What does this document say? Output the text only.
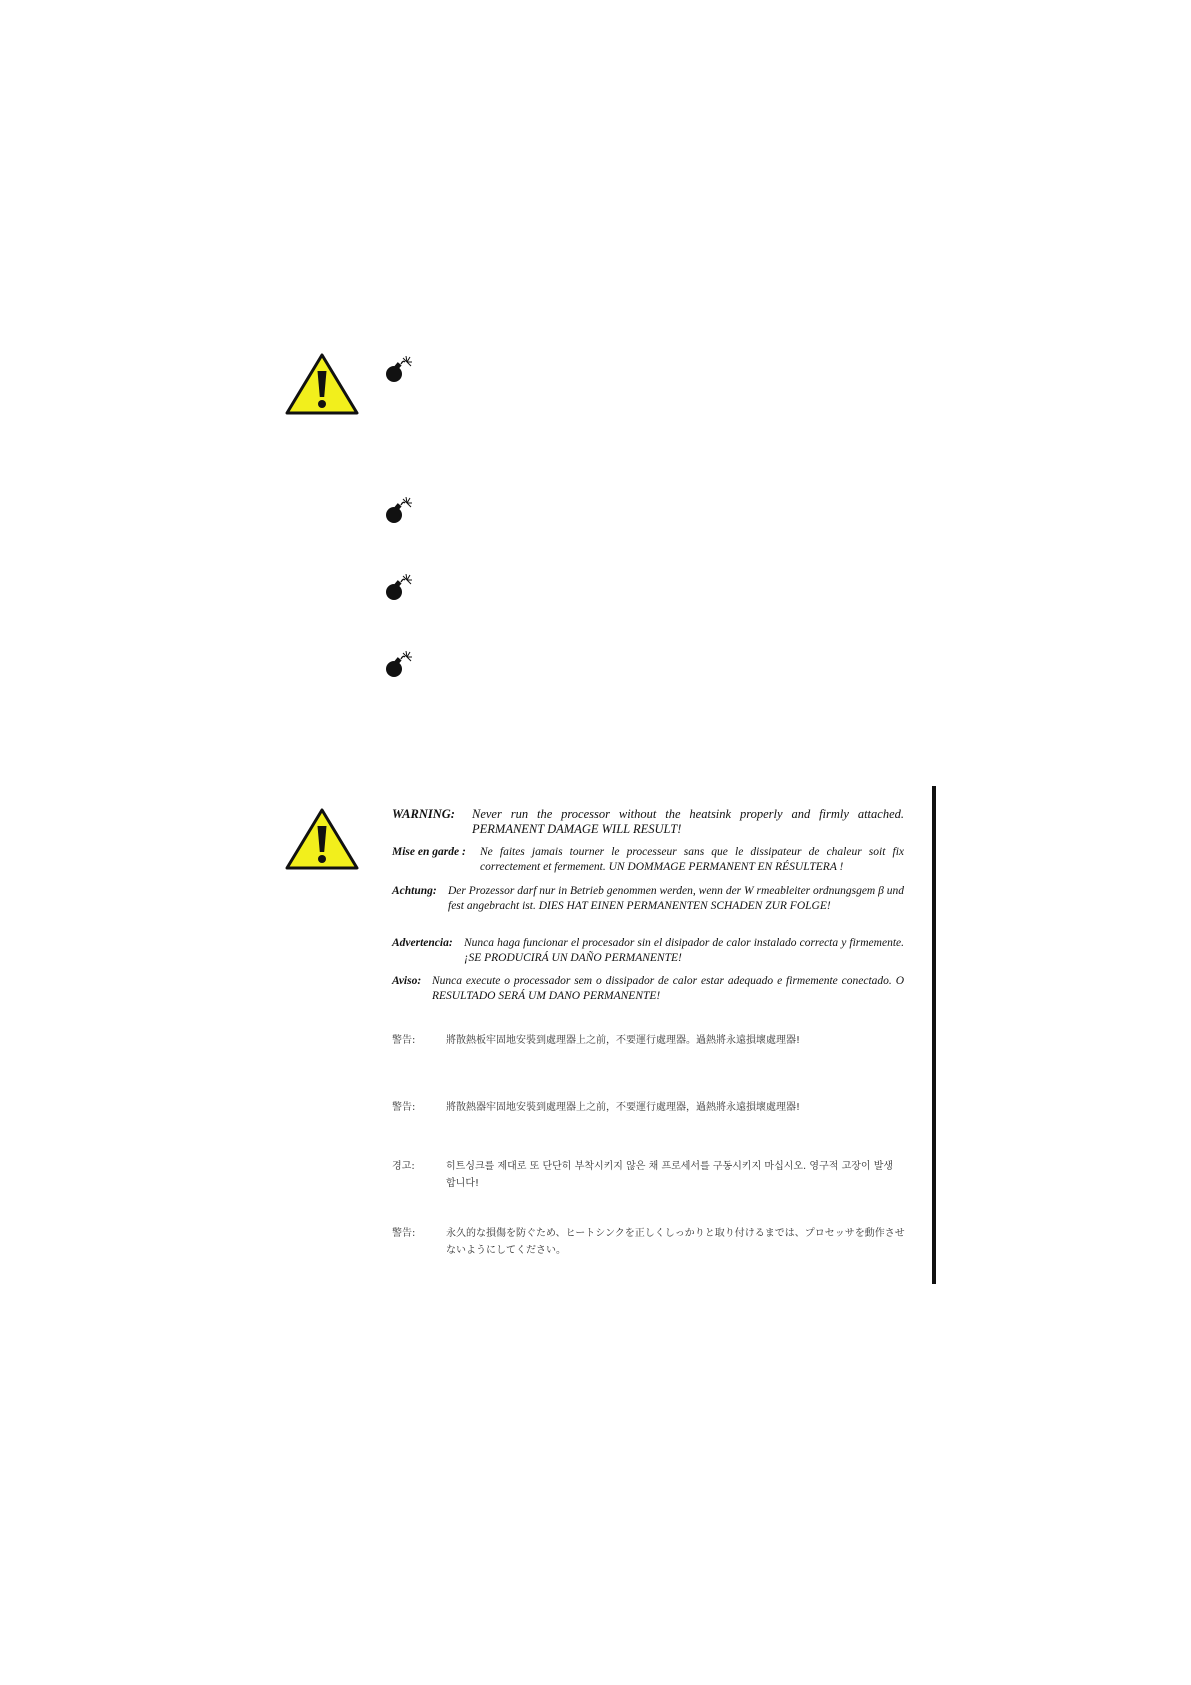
WARNING: Never run the processor without the heatsink properly and firmly attached. PERMANENT DAMAGE WILL RESULT!
Mise en garde : Ne faites jamais tourner le processeur sans que le dissipateur de chaleur soit fix correctement et fermement. UN DOMMAGE PERMANENT EN RÉSULTERA !
Achtung: Der Prozessor darf nur in Betrieb genommen werden, wenn der W rmeableiter ordnungsgem β und fest angebracht ist. DIES HAT EINEN PERMANENTEN SCHADEN ZUR FOLGE!
Advertencia: Nunca haga funcionar el procesador sin el disipador de calor instalado correcta y firmemente. ¡SE PRODUCIRÁ UN DAÑO PERMANENTE!
Aviso: Nunca execute o processador sem o dissipador de calor estar adequado e firmemente conectado. O RESULTADO SERÁ UM DANO PERMANENTE!
警告:	將散熱板牢固地安裝到處理器上之前，不要運行處理器。過熱將永遠損壞處理器!
警告:	將散熱器牢固地安裝到處理器上之前，不要運行處理器，過熱將永遠損壞處理器!
경고:	히트싱크를 제대로 또 단단히 부착시키지 않은 채 프로세서를 구동시키지 마십시오. 영구적 고장이 발생합니다!
警告:	永久的な損傷を防ぐため、ヒートシンクを正しくしっかりと取り付けるまでは、プロセッサを動作させないようにしてください。
